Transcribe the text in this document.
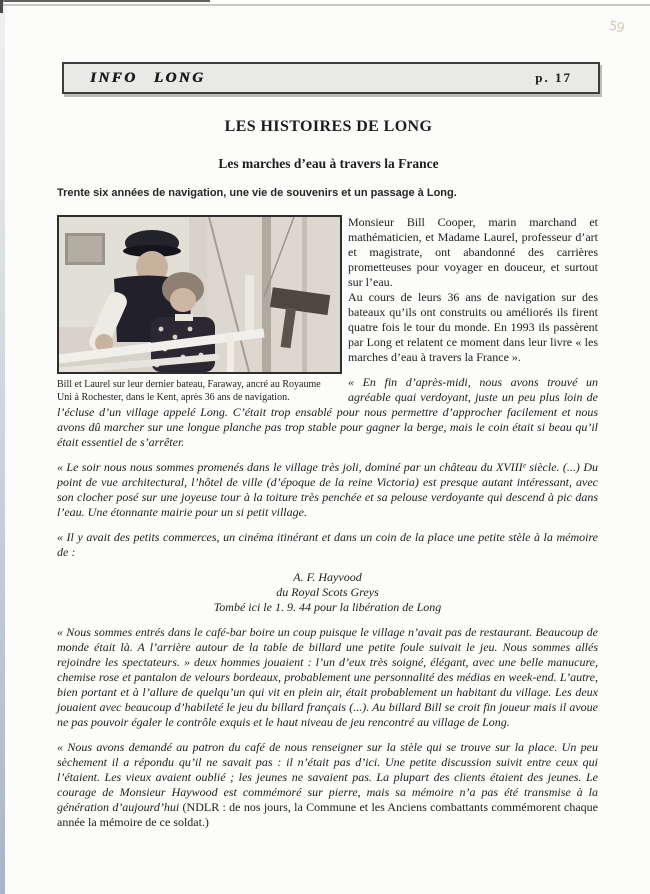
59
INFO LONG	p. 17
LES HISTOIRES DE LONG
Les marches d’eau à travers la France
Trente six années de navigation, une vie de souvenirs et un passage à Long.
Bill et Laurel sur leur dernier bateau, Faraway, ancré au Royaume Uni à Rochester, dans le Kent, après 36 ans de navigation.

Monsieur Bill Cooper, marin marchand et mathématicien, et Madame Laurel, professeur d’art et magistrate, ont abandonné des carrières prometteuses pour voyager en douceur, et surtout sur l’eau.

Au cours de leurs 36 ans de navigation sur des bateaux qu’ils ont construits ou améliorés ils firent quatre fois le tour du monde. En 1993 ils passèrent par Long et relatent ce moment dans leur livre « les marches d’eau à travers la France ».

« En fin d’après-midi, nous avons trouvé un agréable quai verdoyant, juste un peu plus loin de l’écluse d’un village appelé Long. C’était trop ensablé pour nous permettre d’approcher facilement et nous avons dû marcher sur une longue planche pas trop stable pour gagner la berge, mais le coin était si beau qu’il était essentiel de s’arrêter.

« Le soir nous nous sommes promenés dans le village très joli, dominé par un château du XVIIIᵉ siècle. (...) Du point de vue architectural, l’hôtel de ville (d’époque de la reine Victoria) est presque autant intéressant, avec son clocher posé sur une joyeuse tour à la toiture très penchée et sa pelouse verdoyante qui descend à pic dans l’eau. Une étonnante mairie pour un si petit village.

« Il y avait des petits commerces, un cinéma itinérant et dans un coin de la place une petite stèle à la mémoire de :

A. F. Hayvood
du Royal Scots Greys
Tombé ici le 1. 9. 44 pour la libération de Long

« Nous sommes entrés dans le café-bar boire un coup puisque le village n’avait pas de restaurant. Beaucoup de monde était là. A l’arrière autour de la table de billard une petite foule suivait le jeu. Nous sommes allés rejoindre les spectateurs. » deux hommes jouaient : l’un d’eux très soigné, élégant, avec une belle manucure, chemise rose et pantalon de velours bordeaux, probablement une personnalité des médias en week-end. L’autre, bien portant et à l’allure de quelqu’un qui vit en plein air, était probablement un habitant du village. Les deux jouaient avec beaucoup d’habileté le jeu du billard français (...). Au billard Bill se croit fin joueur mais il avoue ne pas pouvoir égaler le contrôle exquis et le haut niveau de jeu rencontré au village de Long.

« Nous avons demandé au patron du café de nous renseigner sur la stèle qui se trouve sur la place. Un peu sèchement il a répondu qu’il ne savait pas : il n’était pas d’ici. Une petite discussion suivit entre ceux qui l’étaient. Les vieux avaient oublié ; les jeunes ne savaient pas. La plupart des clients étaient des jeunes. Le courage de Monsieur Haywood est commémoré sur pierre, mais sa mémoire n’a pas été transmise à la génération d’aujourd’hui (NDLR : de nos jours, la Commune et les Anciens combattants commémorent chaque année la mémoire de ce soldat.)
